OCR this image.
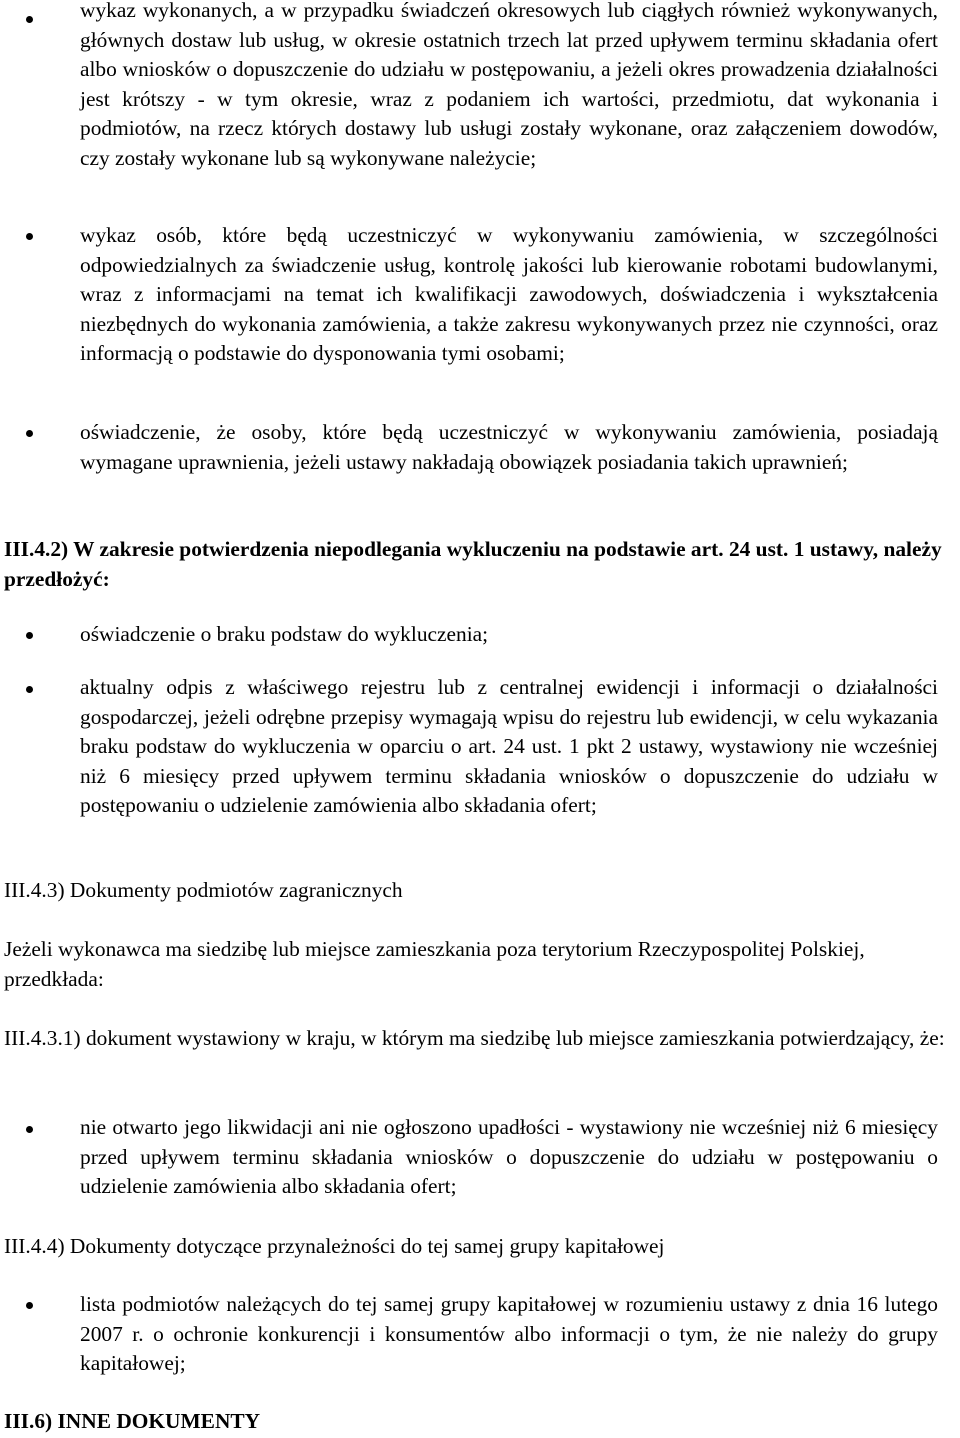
wykaz wykonanych, a w przypadku świadczeń okresowych lub ciągłych również wykonywanych, głównych dostaw lub usług, w okresie ostatnich trzech lat przed upływem terminu składania ofert albo wniosków o dopuszczenie do udziału w postępowaniu, a jeżeli okres prowadzenia działalności jest krótszy - w tym okresie, wraz z podaniem ich wartości, przedmiotu, dat wykonania i podmiotów, na rzecz których dostawy lub usługi zostały wykonane, oraz załączeniem dowodów, czy zostały wykonane lub są wykonywane należycie;
wykaz osób, które będą uczestniczyć w wykonywaniu zamówienia, w szczególności odpowiedzialnych za świadczenie usług, kontrolę jakości lub kierowanie robotami budowlanymi, wraz z informacjami na temat ich kwalifikacji zawodowych, doświadczenia i wykształcenia niezbędnych do wykonania zamówienia, a także zakresu wykonywanych przez nie czynności, oraz informacją o podstawie do dysponowania tymi osobami;
oświadczenie, że osoby, które będą uczestniczyć w wykonywaniu zamówienia, posiadają wymagane uprawnienia, jeżeli ustawy nakładają obowiązek posiadania takich uprawnień;
III.4.2) W zakresie potwierdzenia niepodlegania wykluczeniu na podstawie art. 24 ust. 1 ustawy, należy przedłożyć:
oświadczenie o braku podstaw do wykluczenia;
aktualny odpis z właściwego rejestru lub z centralnej ewidencji i informacji o działalności gospodarczej, jeżeli odrębne przepisy wymagają wpisu do rejestru lub ewidencji, w celu wykazania braku podstaw do wykluczenia w oparciu o art. 24 ust. 1 pkt 2 ustawy, wystawiony nie wcześniej niż 6 miesięcy przed upływem terminu składania wniosków o dopuszczenie do udziału w postępowaniu o udzielenie zamówienia albo składania ofert;
III.4.3) Dokumenty podmiotów zagranicznych
Jeżeli wykonawca ma siedzibę lub miejsce zamieszkania poza terytorium Rzeczypospolitej Polskiej, przedkłada:
III.4.3.1) dokument wystawiony w kraju, w którym ma siedzibę lub miejsce zamieszkania potwierdzający, że:
nie otwarto jego likwidacji ani nie ogłoszono upadłości - wystawiony nie wcześniej niż 6 miesięcy przed upływem terminu składania wniosków o dopuszczenie do udziału w postępowaniu o udzielenie zamówienia albo składania ofert;
III.4.4) Dokumenty dotyczące przynależności do tej samej grupy kapitałowej
lista podmiotów należących do tej samej grupy kapitałowej w rozumieniu ustawy z dnia 16 lutego 2007 r. o ochronie konkurencji i konsumentów albo informacji o tym, że nie należy do grupy kapitałowej;
III.6) INNE DOKUMENTY
